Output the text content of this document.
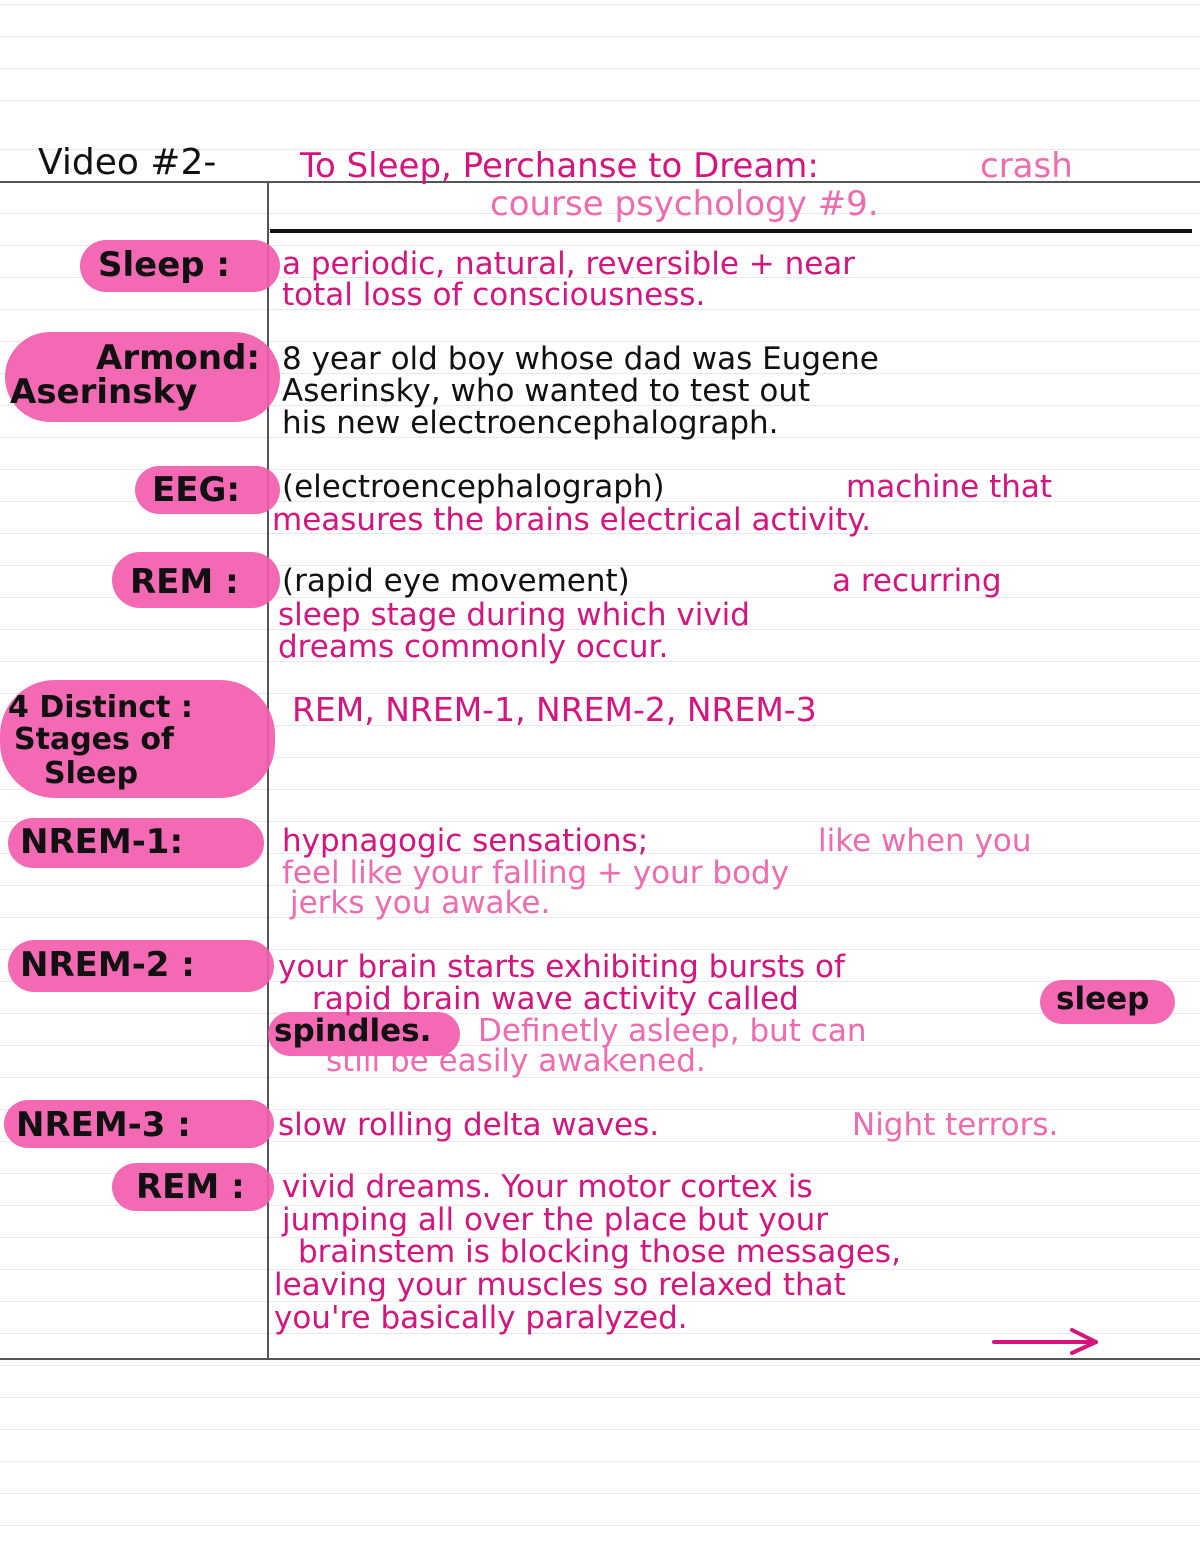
Video #2- To Sleep, Perchanse to Dream:	crash
course psychology #9.
Sleep : a periodic, natural, reversible + near
total loss of consciousness.
Armond:
Aserinsky
8 year old boy whose dad was Eugene
Aserinsky, who wanted to test out
his new electroencephalograph.
EEG: (electroencephalograph)	machine that
measures the brains electrical activity.
REM : (rapid eye movement)	a recurring
sleep stage during which vivid
dreams commonly occur.
4 Distinct :
Stages of
Sleep
REM, NREM-1, NREM-2, NREM-3
NREM-1:	hypnagogic sensations;	like when you
feel like your falling + your body
jerks you awake.
NREM-2 :	your brain starts exhibiting bursts of
rapid brain wave activity called	sleep
spindles. Definetly asleep, but can
still be easily awakened.
NREM-3 :	slow rolling delta waves.	Night terrors.
REM : vivid dreams. Your motor cortex is
jumping all over the place but your
brainstem is blocking those messages,
leaving your muscles so relaxed that
you're basically paralyzed.
